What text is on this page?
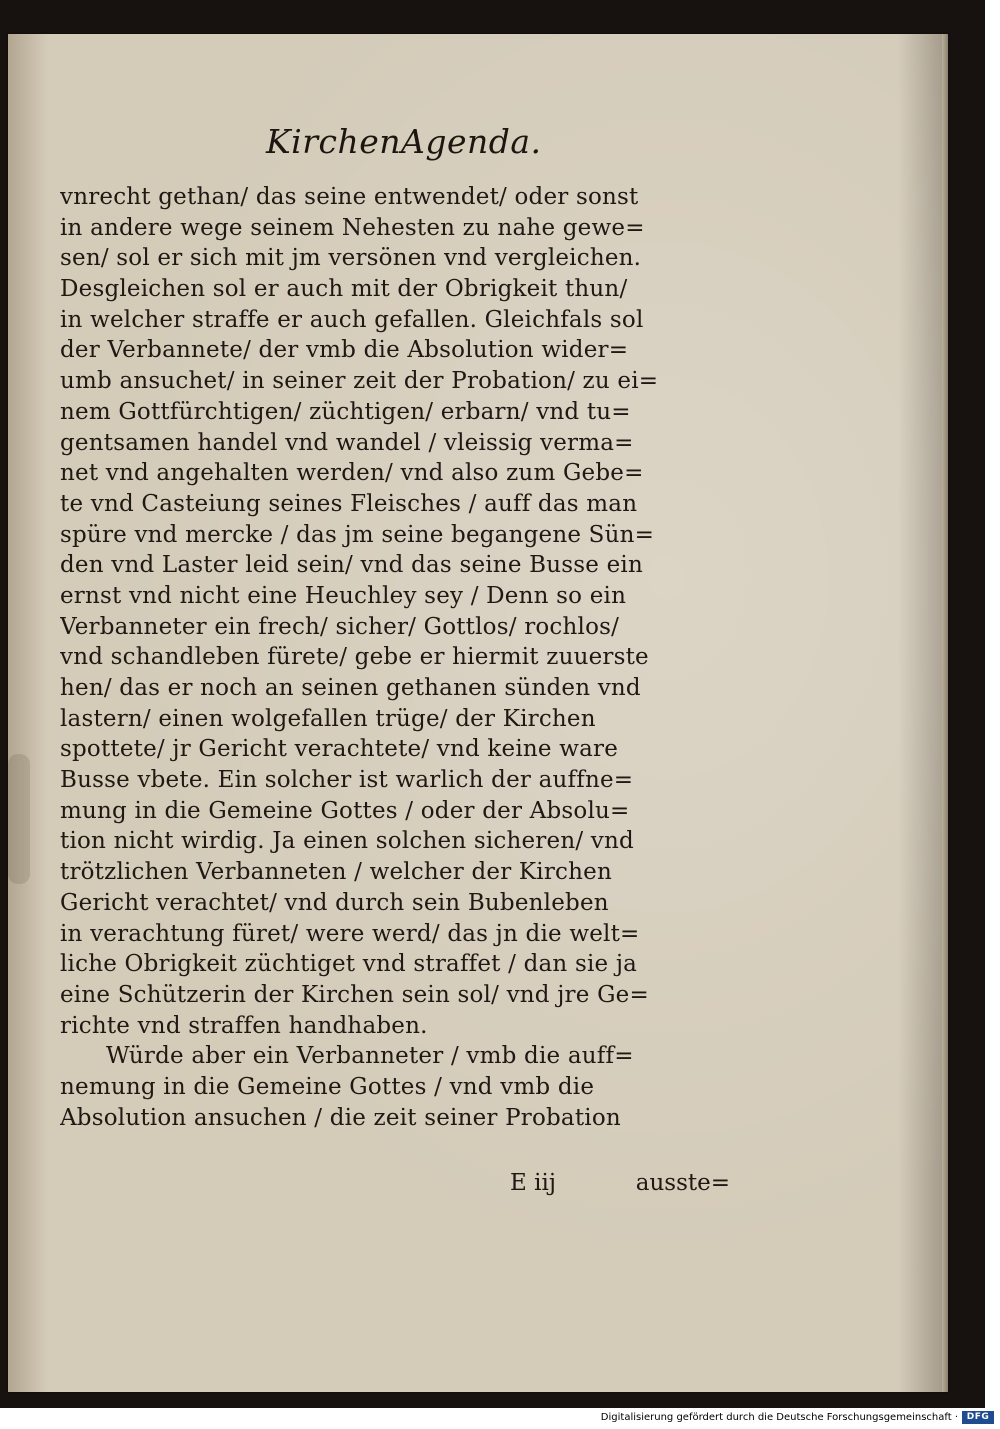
KirchenAgenda.
vnrecht gethan/ das seine entwendet/ oder sonst
in andere wege seinem Nehesten zu nahe gewe=
sen/ sol er sich mit jm versönen vnd vergleichen.
Desgleichen sol er auch mit der Obrigkeit thun/
in welcher straffe er auch gefallen. Gleichfals sol
der Verbannete/ der vmb die Absolution wider=
umb ansuchet/ in seiner zeit der Probation/ zu ei=
nem Gottfürchtigen/ züchtigen/ erbarn/ vnd tu=
gentsamen handel vnd wandel / vleissig verma=
net vnd angehalten werden/ vnd also zum Gebe=
te vnd Casteiung seines Fleisches / auff das man
spüre vnd mercke / das jm seine begangene Sün=
den vnd Laster leid sein/ vnd das seine Busse ein
ernst vnd nicht eine Heuchley sey / Denn so ein
Verbanneter ein frech/ sicher/ Gottlos/ rochlos/
vnd schandleben fürete/ gebe er hiermit zuuerste
hen/ das er noch an seinen gethanen sünden vnd
lastern/ einen wolgefallen trüge/ der Kirchen
spottete/ jr Gericht verachtete/ vnd keine ware
Busse vbete. Ein solcher ist warlich der auffne=
mung in die Gemeine Gottes / oder der Absolu=
tion nicht wirdig. Ja einen solchen sicheren/ vnd
trötzlichen Verbanneten / welcher der Kirchen
Gericht verachtet/ vnd durch sein Bubenleben
in verachtung füret/ were werd/ das jn die welt=
liche Obrigkeit züchtiget vnd straffet / dan sie ja
eine Schützerin der Kirchen sein sol/ vnd jre Ge=
richte vnd straffen handhaben.
Würde aber ein Verbanneter / vmb die auff=
nemung in die Gemeine Gottes / vnd vmb die
Absolution ansuchen / die zeit seiner Probation
E iij	ausste=
Digitalisierung gefördert durch die Deutsche Forschungsgemeinschaft · DFG
